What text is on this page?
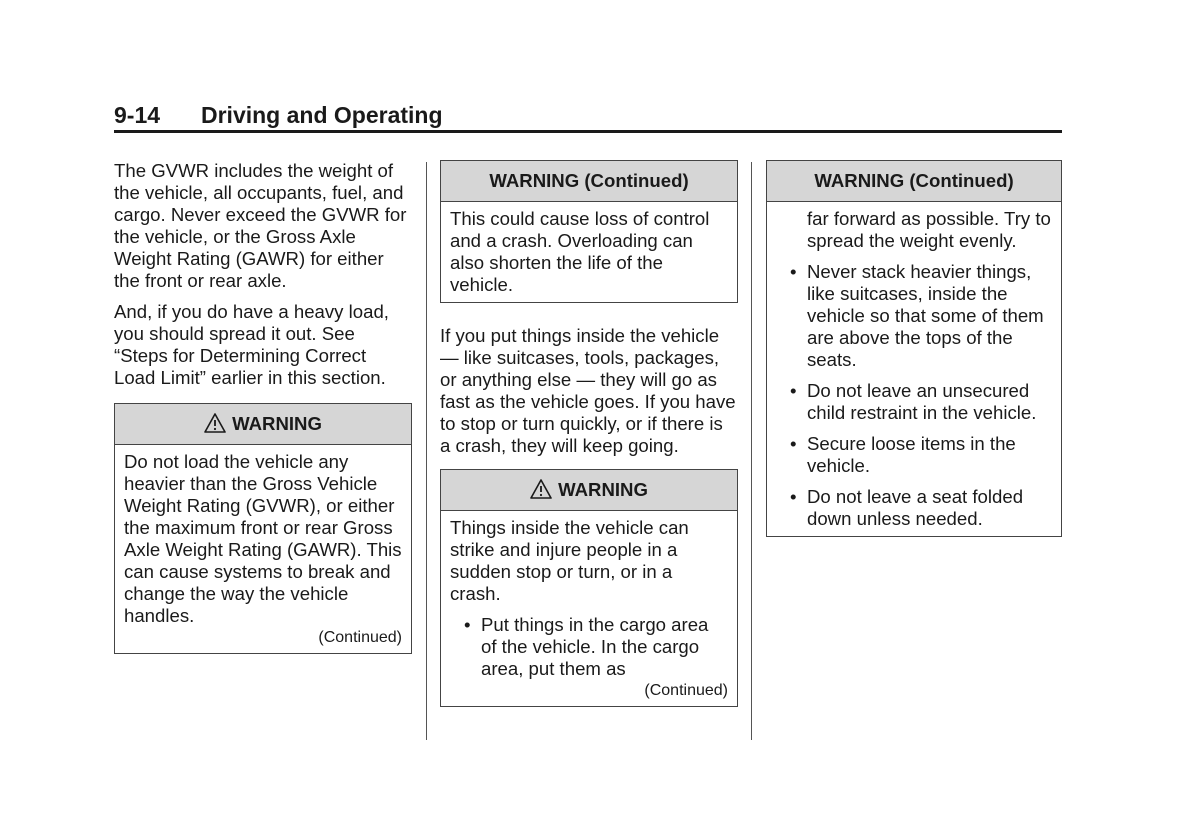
9-14 Driving and Operating

The GVWR includes the weight of the vehicle, all occupants, fuel, and cargo. Never exceed the GVWR for the vehicle, or the Gross Axle Weight Rating (GAWR) for either the front or rear axle.

And, if you do have a heavy load, you should spread it out. See “Steps for Determining Correct Load Limit” earlier in this section.

WARNING

Do not load the vehicle any heavier than the Gross Vehicle Weight Rating (GVWR), or either the maximum front or rear Gross Axle Weight Rating (GAWR). This can cause systems to break and change the way the vehicle handles.

(Continued)
WARNING (Continued)

This could cause loss of control and a crash. Overloading can also shorten the life of the vehicle.

If you put things inside the vehicle — like suitcases, tools, packages, or anything else — they will go as fast as the vehicle goes. If you have to stop or turn quickly, or if there is a crash, they will keep going.

WARNING

Things inside the vehicle can strike and injure people in a sudden stop or turn, or in a crash.

• Put things in the cargo area of the vehicle. In the cargo area, put them as
(Continued)
WARNING (Continued)

far forward as possible. Try to spread the weight evenly.

• Never stack heavier things, like suitcases, inside the vehicle so that some of them are above the tops of the seats.
• Do not leave an unsecured child restraint in the vehicle.
• Secure loose items in the vehicle.
• Do not leave a seat folded down unless needed.
